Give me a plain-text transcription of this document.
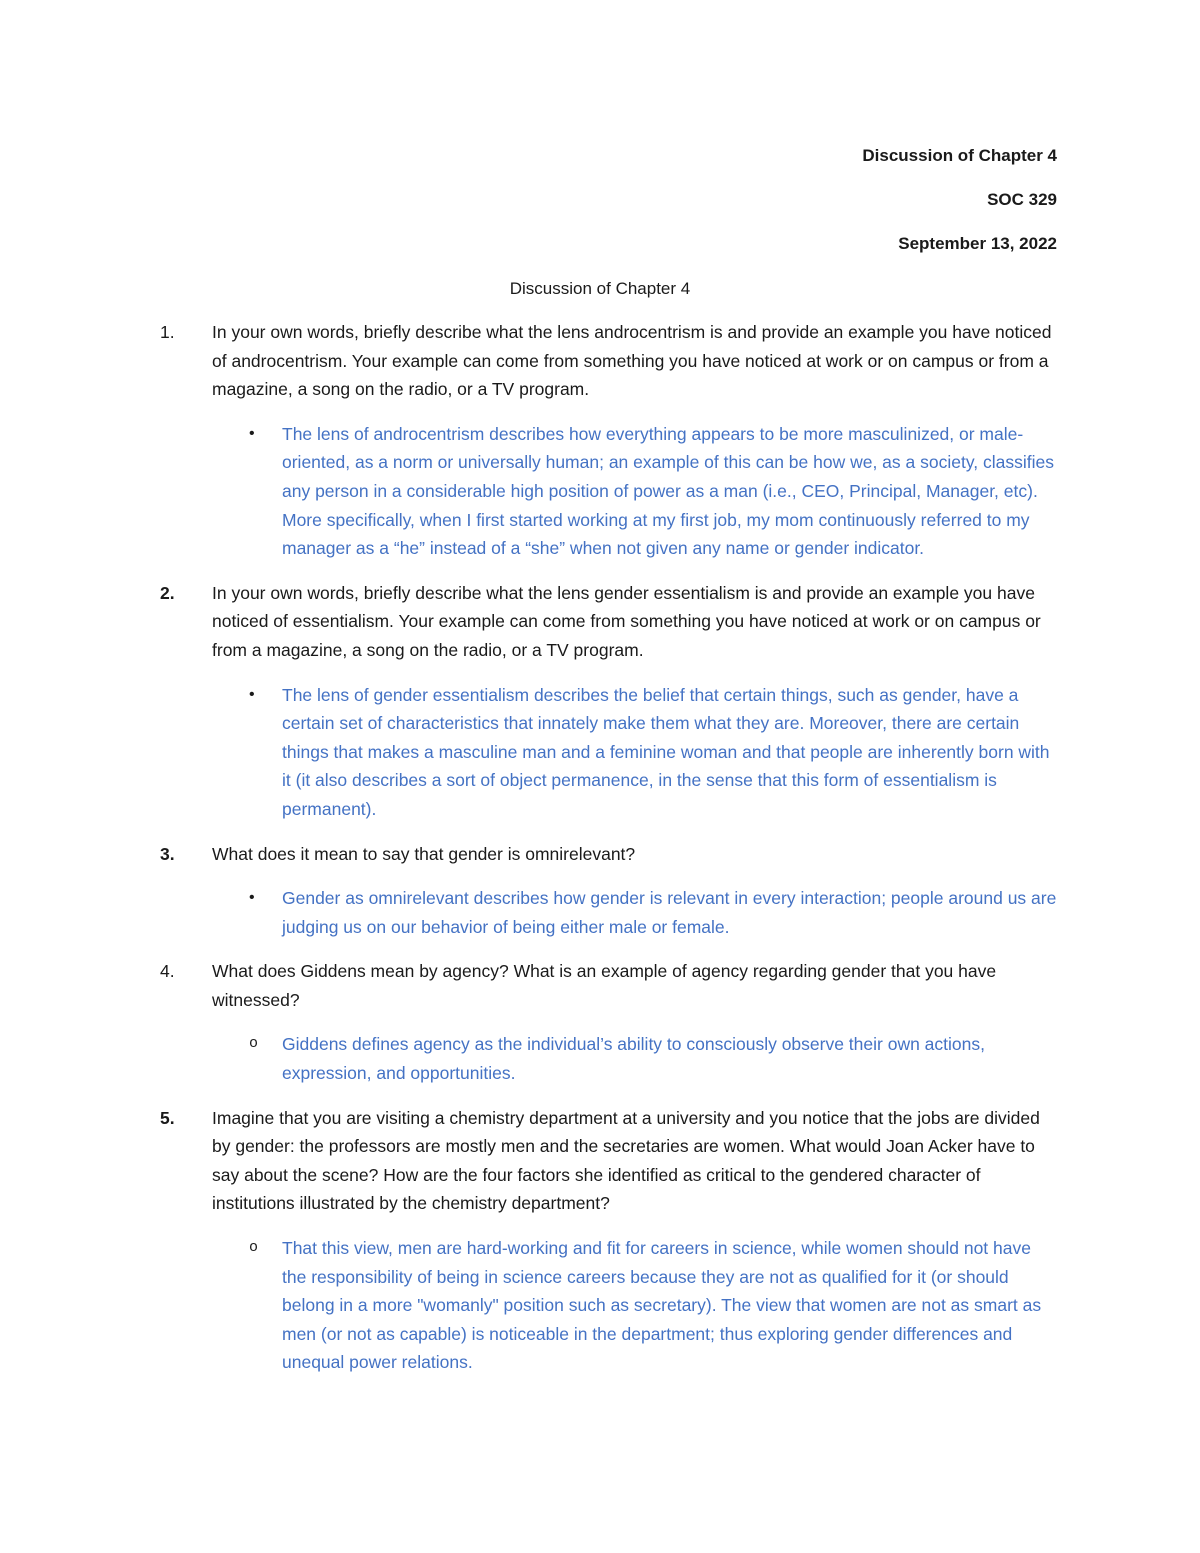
Discussion of Chapter 4
SOC 329
September 13, 2022
Discussion of Chapter 4
1. In your own words, briefly describe what the lens androcentrism is and provide an example you have noticed of androcentrism. Your example can come from something you have noticed at work or on campus or from a magazine, a song on the radio, or a TV program.
• The lens of androcentrism describes how everything appears to be more masculinized, or male-oriented, as a norm or universally human; an example of this can be how we, as a society, classifies any person in a considerable high position of power as a man (i.e., CEO, Principal, Manager, etc). More specifically, when I first started working at my first job, my mom continuously referred to my manager as a “he” instead of a “she” when not given any name or gender indicator.
2. In your own words, briefly describe what the lens gender essentialism is and provide an example you have noticed of essentialism. Your example can come from something you have noticed at work or on campus or from a magazine, a song on the radio, or a TV program.
• The lens of gender essentialism describes the belief that certain things, such as gender, have a certain set of characteristics that innately make them what they are. Moreover, there are certain things that makes a masculine man and a feminine woman and that people are inherently born with it (it also describes a sort of object permanence, in the sense that this form of essentialism is permanent).
3. What does it mean to say that gender is omnirelevant?
• Gender as omnirelevant describes how gender is relevant in every interaction; people around us are judging us on our behavior of being either male or female.
4. What does Giddens mean by agency? What is an example of agency regarding gender that you have witnessed?
o Giddens defines agency as the individual’s ability to consciously observe their own actions, expression, and opportunities.
5. Imagine that you are visiting a chemistry department at a university and you notice that the jobs are divided by gender: the professors are mostly men and the secretaries are women. What would Joan Acker have to say about the scene? How are the four factors she identified as critical to the gendered character of institutions illustrated by the chemistry department?
o That this view, men are hard-working and fit for careers in science, while women should not have the responsibility of being in science careers because they are not as qualified for it (or should belong in a more "womanly" position such as secretary). The view that women are not as smart as men (or not as capable) is noticeable in the department; thus exploring gender differences and unequal power relations.
